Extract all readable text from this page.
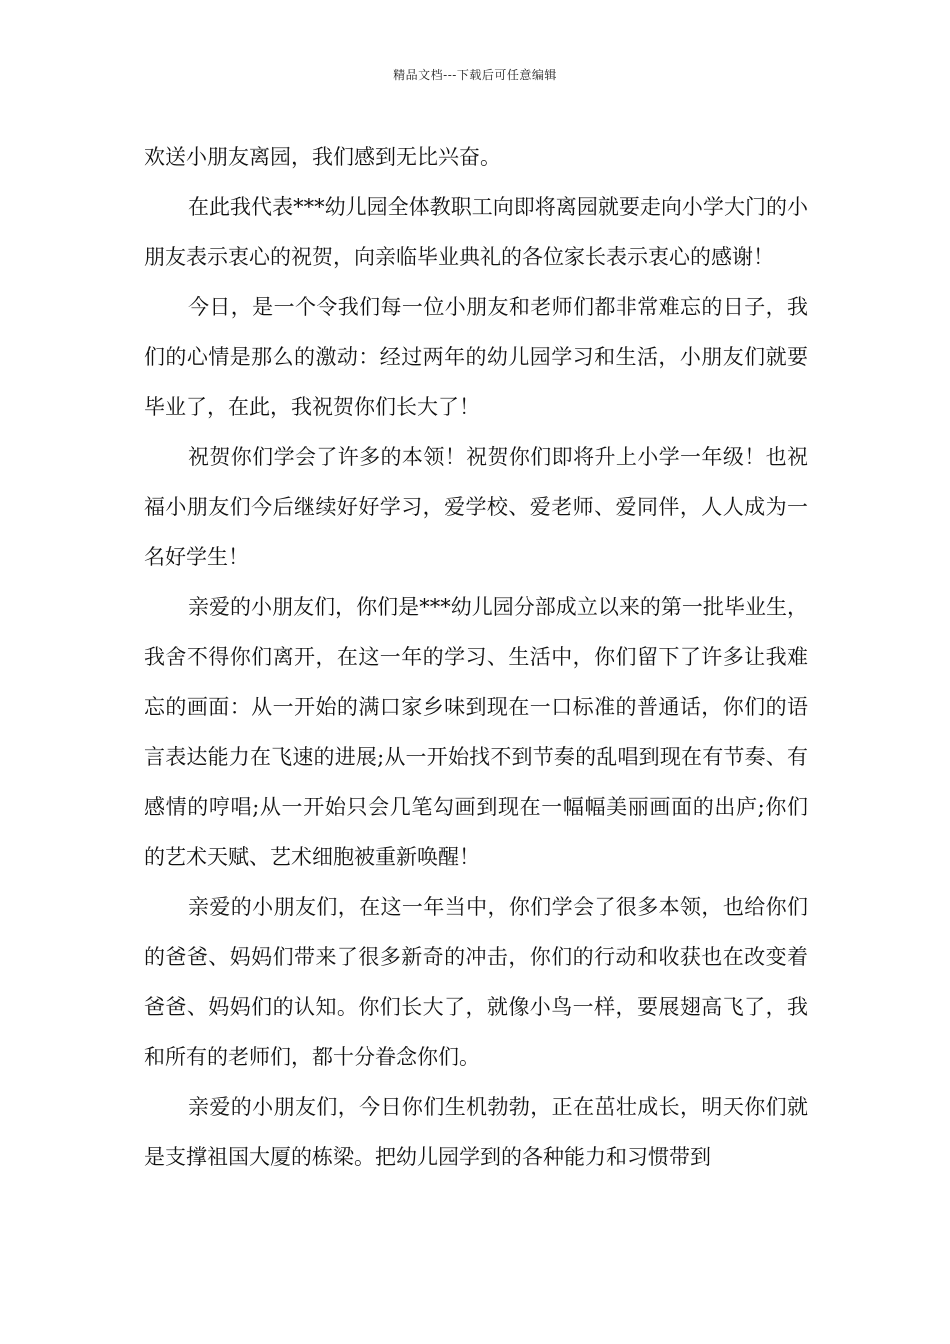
精品文档---下载后可任意编辑

欢送小朋友离园，我们感到无比兴奋。

在此我代表***幼儿园全体教职工向即将离园就要走向小学大门的小朋友表示衷心的祝贺，向亲临毕业典礼的各位家长表示衷心的感谢！

今日，是一个令我们每一位小朋友和老师们都非常难忘的日子，我们的心情是那么的激动：经过两年的幼儿园学习和生活，小朋友们就要毕业了，在此，我祝贺你们长大了！

祝贺你们学会了许多的本领！祝贺你们即将升上小学一年级！也祝福小朋友们今后继续好好学习，爱学校、爱老师、爱同伴，人人成为一名好学生！

亲爱的小朋友们，你们是***幼儿园分部成立以来的第一批毕业生，我舍不得你们离开，在这一年的学习、生活中，你们留下了许多让我难忘的画面：从一开始的满口家乡味到现在一口标准的普通话，你们的语言表达能力在飞速的进展;从一开始找不到节奏的乱唱到现在有节奏、有感情的哼唱;从一开始只会几笔勾画到现在一幅幅美丽画面的出庐;你们的艺术天赋、艺术细胞被重新唤醒！

亲爱的小朋友们，在这一年当中，你们学会了很多本领，也给你们的爸爸、妈妈们带来了很多新奇的冲击，你们的行动和收获也在改变着爸爸、妈妈们的认知。你们长大了，就像小鸟一样，要展翅高飞了，我和所有的老师们，都十分眷念你们。

亲爱的小朋友们，今日你们生机勃勃，正在茁壮成长，明天你们就是支撑祖国大厦的栋梁。把幼儿园学到的各种能力和习惯带到
